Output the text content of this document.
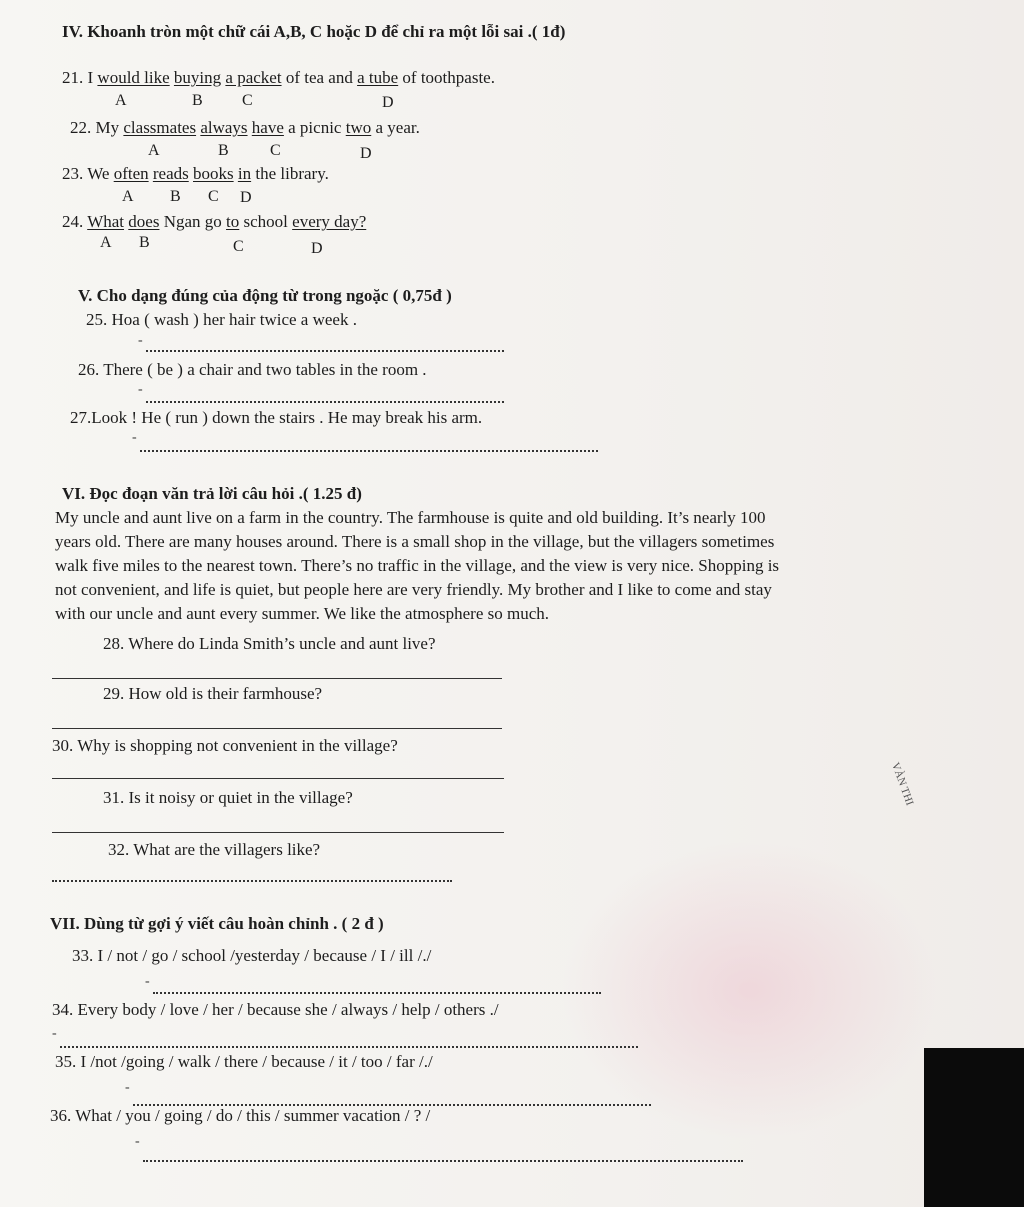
IV. Khoanh tròn một chữ cái A,B, C hoặc D để chỉ ra một lỗi sai .( 1đ)
21. I would like buying a packet of tea and a tube of toothpaste.
A	B C	D
22. My classmates always have a picnic two a year.
A	B	C	D
23. We often reads books in the library.
A B C D
24. What does Ngan go to school every day?
A B	C	D
V. Cho dạng đúng của động từ trong ngoặc ( 0,75đ )
25. Hoa ( wash ) her hair twice a week .
-
26. There ( be ) a chair and two tables in the room .
-
27.Look ! He ( run ) down the stairs . He may break his arm.
-
VI. Đọc đoạn văn trả lời câu hỏi .( 1.25 đ)
My uncle and aunt live on a farm in the country. The farmhouse is quite and old building. It’s nearly 100
years old. There are many houses around. There is a small shop in the village, but the villagers sometimes
walk five miles to the nearest town. There’s no traffic in the village, and the view is very nice. Shopping is
not convenient, and life is quiet, but people here are very friendly. My brother and I like to come and stay
with our uncle and aunt every summer. We like the atmosphere so much.
28. Where do Linda Smith’s uncle and aunt live?
29. How old is their farmhouse?
30. Why is shopping not convenient in the village?
31. Is it noisy or quiet in the village?
32. What are the villagers like?
VII. Dùng từ gợi ý viết câu hoàn chỉnh . ( 2 đ )
33. I / not / go / school /yesterday / because / I / ill /./
-
34. Every body / love / her / because she / always / help / others ./
-
35. I /not /going / walk / there / because / it / too / far /./
-
36. What / you / going / do / this / summer vacation / ? /
-
VÀN THI
